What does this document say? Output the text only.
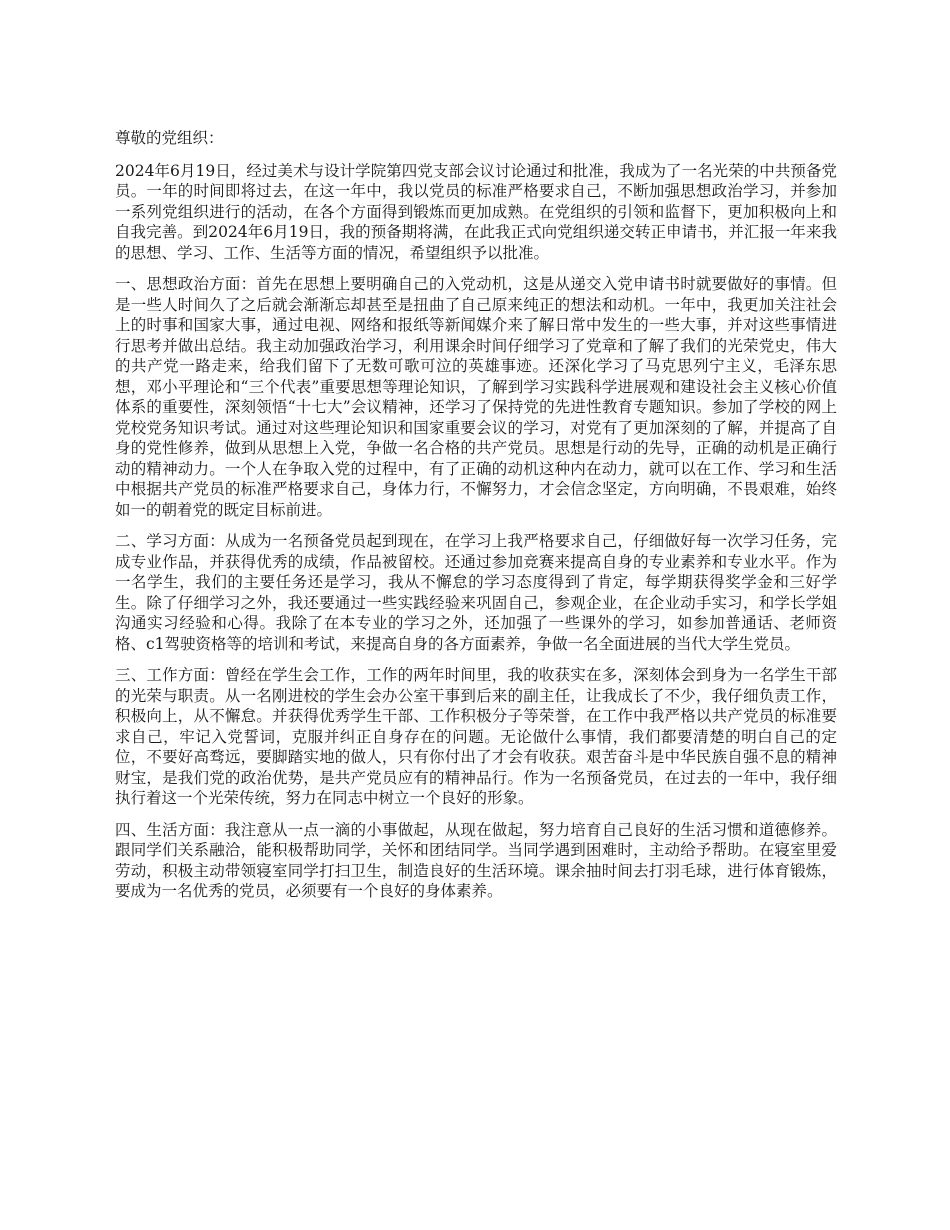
尊敬的党组织：

2024年6月19日，经过美术与设计学院第四党支部会议讨论通过和批准，我成为了一名光荣的中共预备党员。一年的时间即将过去，在这一年中，我以党员的标准严格要求自己，不断加强思想政治学习，并参加一系列党组织进行的活动，在各个方面得到锻炼而更加成熟。在党组织的引领和监督下，更加积极向上和自我完善。到2024年6月19日，我的预备期将满，在此我正式向党组织递交转正申请书，并汇报一年来我的思想、学习、工作、生活等方面的情况，希望组织予以批准。

一、思想政治方面：首先在思想上要明确自己的入党动机，这是从递交入党申请书时就要做好的事情。但是一些人时间久了之后就会渐渐忘却甚至是扭曲了自己原来纯正的想法和动机。一年中，我更加关注社会上的时事和国家大事，通过电视、网络和报纸等新闻媒介来了解日常中发生的一些大事，并对这些事情进行思考并做出总结。我主动加强政治学习，利用课余时间仔细学习了党章和了解了我们的光荣党史，伟大的共产党一路走来，给我们留下了无数可歌可泣的英雄事迹。还深化学习了马克思列宁主义，毛泽东思想，邓小平理论和“三个代表”重要思想等理论知识，了解到学习实践科学进展观和建设社会主义核心价值体系的重要性，深刻领悟“十七大”会议精神，还学习了保持党的先进性教育专题知识。参加了学校的网上党校党务知识考试。通过对这些理论知识和国家重要会议的学习，对党有了更加深刻的了解，并提高了自身的党性修养，做到从思想上入党，争做一名合格的共产党员。思想是行动的先导，正确的动机是正确行动的精神动力。一个人在争取入党的过程中，有了正确的动机这种内在动力，就可以在工作、学习和生活中根据共产党员的标准严格要求自己，身体力行，不懈努力，才会信念坚定，方向明确，不畏艰难，始终如一的朝着党的既定目标前进。

二、学习方面：从成为一名预备党员起到现在，在学习上我严格要求自己，仔细做好每一次学习任务，完成专业作品，并获得优秀的成绩，作品被留校。还通过参加竞赛来提高自身的专业素养和专业水平。作为一名学生，我们的主要任务还是学习，我从不懈怠的学习态度得到了肯定，每学期获得奖学金和三好学生。除了仔细学习之外，我还要通过一些实践经验来巩固自己，参观企业，在企业动手实习，和学长学姐沟通实习经验和心得。我除了在本专业的学习之外，还加强了一些课外的学习，如参加普通话、老师资格、c1驾驶资格等的培训和考试，来提高自身的各方面素养，争做一名全面进展的当代大学生党员。

三、工作方面：曾经在学生会工作，工作的两年时间里，我的收获实在多，深刻体会到身为一名学生干部的光荣与职责。从一名刚进校的学生会办公室干事到后来的副主任，让我成长了不少，我仔细负责工作，积极向上，从不懈怠。并获得优秀学生干部、工作积极分子等荣誉，在工作中我严格以共产党员的标准要求自己，牢记入党誓词，克服并纠正自身存在的问题。无论做什么事情，我们都要清楚的明白自己的定位，不要好高骛远，要脚踏实地的做人，只有你付出了才会有收获。艰苦奋斗是中华民族自强不息的精神财宝，是我们党的政治优势，是共产党员应有的精神品行。作为一名预备党员，在过去的一年中，我仔细执行着这一个光荣传统，努力在同志中树立一个良好的形象。

四、生活方面：我注意从一点一滴的小事做起，从现在做起，努力培育自己良好的生活习惯和道德修养。跟同学们关系融洽，能积极帮助同学，关怀和团结同学。当同学遇到困难时，主动给予帮助。在寝室里爱劳动，积极主动带领寝室同学打扫卫生，制造良好的生活环境。课余抽时间去打羽毛球，进行体育锻炼，要成为一名优秀的党员，必须要有一个良好的身体素养。
